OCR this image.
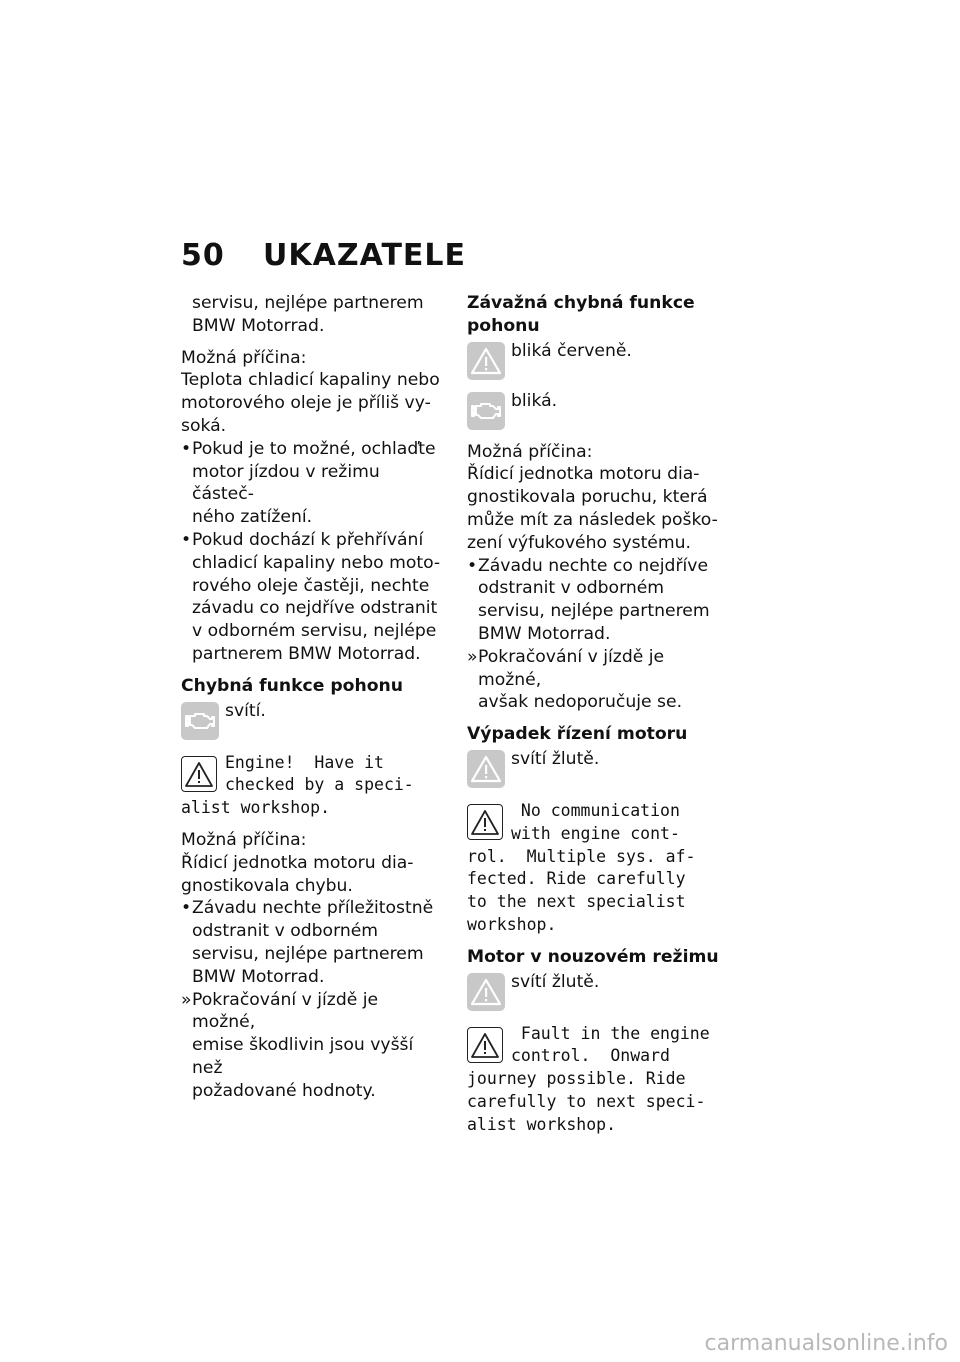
50 UKAZATELE

servisu, nejlépe partnerem

BMW Motorrad.

Možná příčina:

Teplota chladicí kapaliny nebo

motorového oleje je příliš vy-

soká.

• Pokud je to možné, ochlaďte
motor jízdou v režimu částeč-
ného zatížení.
• Pokud dochází k přehřívání
chladicí kapaliny nebo moto-
rového oleje častěji, nechte
závadu co nejdříve odstranit
v odborném servisu, nejlépe
partnerem BMW Motorrad.

Chybná funkce pohonu

svítí.

Engine!  Have it
checked by a speci-
alist workshop.

Možná příčina:

Řídicí jednotka motoru dia-

gnostikovala chybu.

• Závadu nechte příležitostně
odstranit v odborném
servisu, nejlépe partnerem
BMW Motorrad.
» Pokračování v jízdě je možné,
emise škodlivin jsou vyšší než
požadované hodnoty.

Závažná chybná funkce

pohonu

bliká červeně.

bliká.

Možná příčina:

Řídicí jednotka motoru dia-

gnostikovala poruchu, která

může mít za následek poško-

zení výfukového systému.

• Závadu nechte co nejdříve
odstranit v odborném
servisu, nejlépe partnerem
BMW Motorrad.
» Pokračování v jízdě je možné,
avšak nedoporučuje se.

Výpadek řízení motoru

svítí žlutě.

No communication
with engine cont-
rol.  Multiple sys. af-
fected. Ride carefully
to the next specialist
workshop.

Motor v nouzovém režimu

svítí žlutě.

Fault in the engine
control.  Onward
journey possible. Ride
carefully to next speci-
alist workshop.
carmanualsonline.info
